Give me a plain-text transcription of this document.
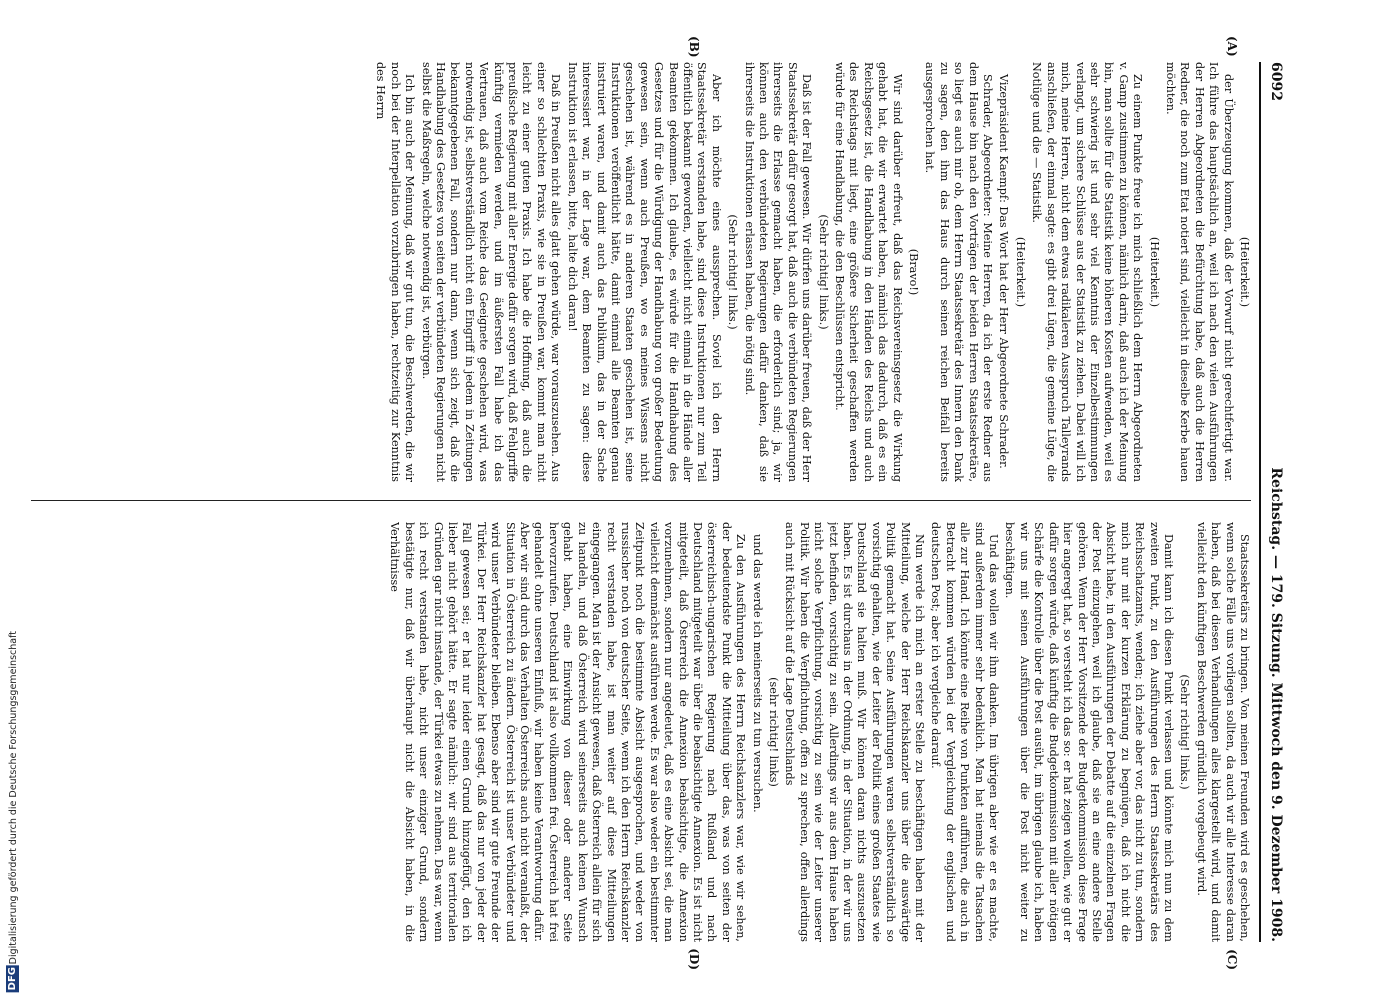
Digitalisierung gefördert durch die Deutsche Forschungsgemeinschaft
DFG
6092
Reichstag. — 179. Sitzung. Mittwoch den 9. Dezember 1908.
(A)
(B)
(C)
(D)

(Heiterkeit.)

der Überzeugung kommen, daß der Vorwurf nicht gerechtfertigt war. Ich führe das hauptsächlich an, weil ich nach den vielen Ausführungen der Herren Abgeordneten die Befürchtung habe, daß auch die Herren Redner, die noch zum Etat notiert sind, vielleicht in dieselbe Kerbe hauen möchten.

(Heiterkeit.)

Zu einem Punkte freue ich mich schließlich dem Herrn Abgeordneten v. Gamp zustimmen zu können, nämlich darin, daß auch ich der Meinung bin, man sollte für die Statistik keine höheren Kosten aufwenden, weil es sehr schwierig ist und sehr viel Kenntnis der Einzelbestimmungen verlangt, um sichere Schlüsse aus der Statistik zu ziehen. Dabei will ich mich, meine Herren, nicht dem etwas radikaleren Ausspruch Talleyrands anschließen, der einmal sagte: es gibt drei Lügen, die gemeine Lüge, die Notlüge und die — Statistik.

(Heiterkeit.)

Vizepräsident Kaempf: Das Wort hat der Herr Abgeordnete Schrader.

Schrader, Abgeordneter: Meine Herren, da ich der erste Redner aus dem Hause bin nach den Vorträgen der beiden Herren Staatssekretäre, so liegt es auch mir ob, dem Herrn Staatssekretär des Innern den Dank zu sagen, den ihm das Haus durch seinen reichen Beifall bereits ausgesprochen hat.

(Bravo!)

Wir sind darüber erfreut, daß das Reichsvereinsgesetz die Wirkung gehabt hat, die wir erwartet haben, nämlich das dadurch, daß es ein Reichsgesetz ist, die Handhabung in den Händen des Reichs und auch des Reichstags mit liegt, eine größere Sicherheit geschaffen werden würde für eine Handhabung, die den Beschlüssen entspricht.

(Sehr richtig! links.)

Daß ist der Fall gewesen. Wir dürfen uns darüber freuen, daß der Herr Staatssekretär dafür gesorgt hat, daß auch die verbündeten Regierungen ihrerseits die Erlasse gemacht haben, die erforderlich sind; ja, wir können auch den verbündeten Regierungen dafür danken, daß sie ihrerseits die Instruktionen erlassen haben, die nötig sind.

(Sehr richtig! links.)

Aber ich möchte eines aussprechen. Soviel ich den Herrn Staatssekretär verstanden habe, sind diese Instruktionen nur zum Teil öffentlich bekannt geworden, vielleicht nicht einmal in die Hände aller Beamten gekommen. Ich glaube, es würde für die Handhabung des Gesetzes und für die Würdigung der Handhabung von großer Bedeutung gewesen sein, wenn auch Preußen, wo es meines Wissens nicht geschehen ist, während es in anderen Staaten geschehen ist, seine Instruktionen veröffentlicht hätte, damit einmal alle Beamten genau instruiert waren, und damit auch das Publikum, das in der Sache interessiert war, in der Lage war, dem Beamten zu sagen: diese Instruktion ist erlassen, bitte, halte dich daran!

Daß in Preußen nicht alles glatt gehen würde, war vorauszusehen. Aus einer so schlechten Praxis, wie sie in Preußen war, kommt man nicht leicht zu einer guten Praxis. Ich habe die Hoffnung, daß auch die preußische Regierung mit aller Energie dafür sorgen wird, daß Fehlgriffe künftig vermieden werden, und im äußersten Fall habe ich das Vertrauen, daß auch vom Reiche das Geeignete geschehen wird, was notwendig ist, selbstverständlich nicht ein Eingriff in jedem in Zeitungen bekanntgegebenen Fall, sondern nur dann, wenn sich zeigt, daß die Handhabung des Gesetzes von seiten der verbündeten Regierungen nicht selbst die Maßregeln, welche notwendig ist, verbürgen.

Ich bin auch der Meinung, daß wir gut tun, die Beschwerden, die wir noch bei der Interpellation vorzubringen haben, rechtzeitig zur Kenntnis des Herrn

Staatssekretärs zu bringen. Von meinen Freunden wird es geschehen, wenn solche Fälle uns vorliegen sollten, da auch wir alle Interesse daran haben, daß bei diesen Verhandlungen alles klargestellt wird, und damit vielleicht den künftigen Beschwerden gründlich vorgebeugt wird.

(Sehr richtig! links.)

Damit kann ich diesen Punkt verlassen und könnte mich nun zu dem zweiten Punkt, zu den Ausführungen des Herrn Staatssekretärs des Reichsschatzamts, wenden; ich ziehe aber vor, das nicht zu tun, sondern mich nur mit der kurzen Erklärung zu begnügen, daß ich nicht die Absicht habe, in den Ausführungen der Debatte auf die einzelnen Fragen der Post einzugehen, weil ich glaube, daß sie an eine andere Stelle gehören. Wenn der Herr Vorsitzende der Budgetkommission diese Frage hier angeregt hat, so versteht ich das so: er hat zeigen wollen, wie gut er dafür sorgen würde, daß künftig die Budgetkommission mit aller nötigen Schärfe die Kontrolle über die Post ausübt, im übrigen glaube ich, haben wir uns mit seinen Ausführungen über die Post nicht weiter zu beschäftigen.

Und das wollen wir ihm danken. Im übrigen aber wie er es machte, sind außerdem immer sehr bedenklich. Man hat niemals die Tatsachen alle zur Hand. Ich könnte eine Reihe von Punkten aufführen, die auch in Betracht kommen würden bei der Vergleichung der englischen und deutschen Post; aber ich vergleiche darauf.

Nun werde ich mich an erster Stelle zu beschäftigen haben mit der Mitteilung, welche der Herr Reichskanzler uns über die auswärtige Politik gemacht hat. Seine Ausführungen waren selbstverständlich so vorsichtig gehalten, wie der Leiter der Politik eines großen Staates wie Deutschland sie halten muß. Wir können daran nichts auszusetzen haben. Es ist durchaus in der Ordnung, in der Situation, in der wir uns jetzt befinden, vorsichtig zu sein. Allerdings wir aus dem Hause haben nicht solche Verpflichtung, vorsichtig zu sein wie der Leiter unserer Politik. Wir haben die Verpflichtung, offen zu sprechen, offen allerdings auch mit Rücksicht auf die Lage Deutschlands

(sehr richtig! links)

und das werde ich meinerseits zu tun versuchen.

Zu den Ausführungen des Herrn Reichskanzlers war, wie wir sehen, der bedeutendste Punkt die Mitteilung über das, was von seiten der österreichisch-ungarischen Regierung nach Rußland und nach Deutschland mitgeteilt war über die beabsichtigte Annexion. Es ist nicht mitgeteilt, daß Österreich die Annexion beabsichtige, die Annexion vorzunehmen, sondern nur angedeutet, daß es eine Absicht sei, die man vielleicht demnächst ausführen werde. Es war also weder ein bestimmter Zeitpunkt noch die bestimmte Absicht ausgesprochen, und weder von russischer noch von deutscher Seite, wenn ich den Herrn Reichskanzler recht verstanden habe, ist man weiter auf diese Mitteilungen eingegangen. Man ist der Ansicht gewesen, daß Österreich allein für sich zu handeln, und daß Österreich wird seinerseits auch keinen Wunsch gehabt haben, eine Einwirkung von dieser oder anderer Seite hervorzurufen. Deutschland ist also vollkommen frei. Österreich hat frei gehandelt ohne unseren Einfluß, wir haben keine Verantwortung dafür. Aber wir sind durch das Verhalten Österreichs auch nicht veranlaßt, der Situation in Österreich zu ändern. Österreich ist unser Verbündeter und wird unser Verbündeter bleiben. Ebenso aber sind wir gute Freunde der Türkei. Der Herr Reichskanzler hat gesagt, daß das nur von jeder der Fall gewesen sei; er hat nur leider einen Grund hinzugefügt, den ich lieber nicht gehört hätte. Er sagte nämlich: wir sind aus territorialen Gründen gar nicht imstande, der Türkei etwas zu nehmen. Das war, wenn ich recht verstanden habe, nicht unser einziger Grund, sondern bestätigte nur, daß wir überhaupt nicht die Absicht haben, in die Verhältnisse
